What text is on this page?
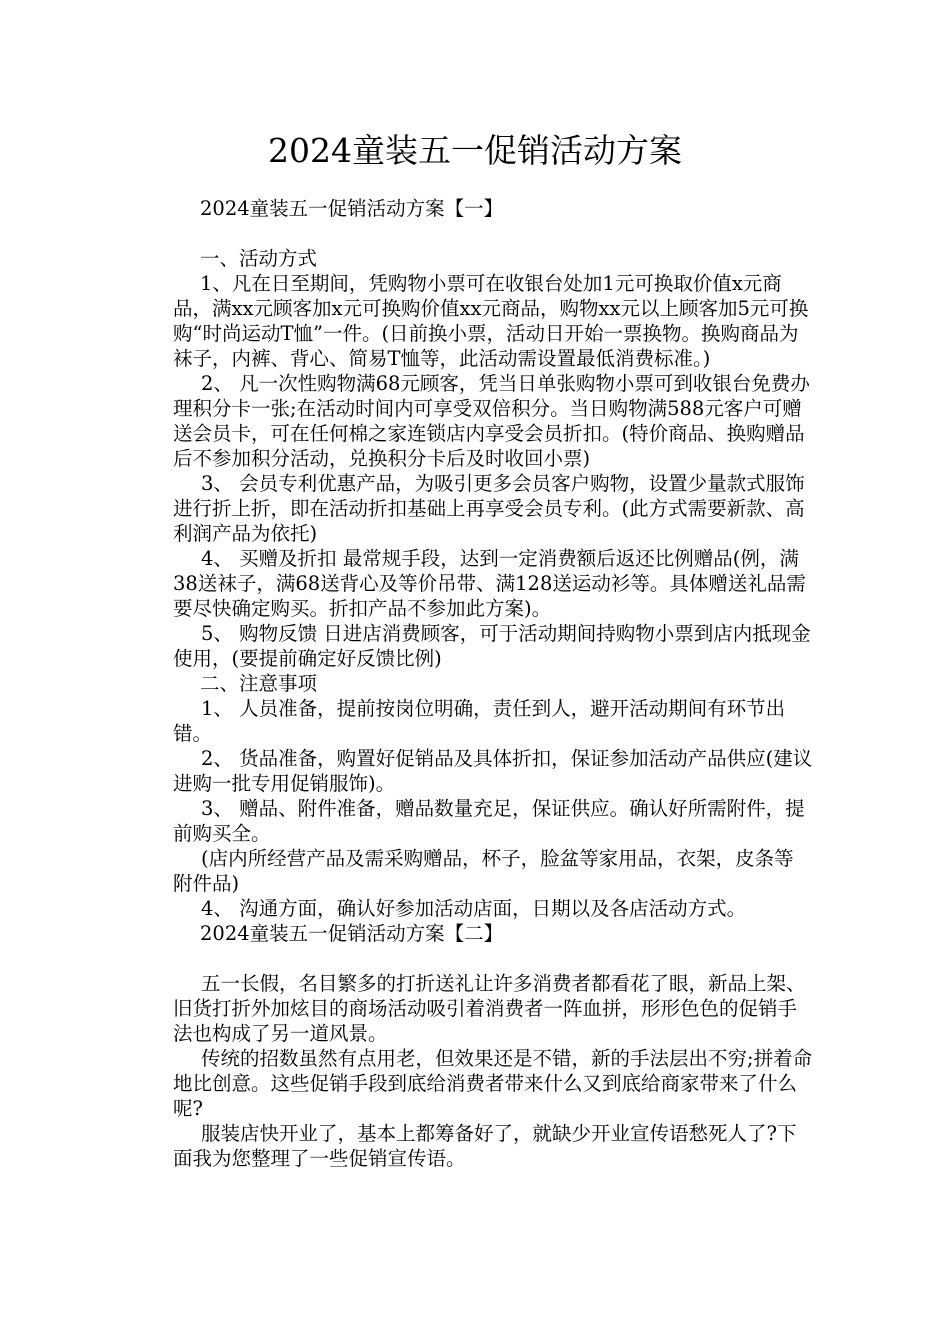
2024童装五一促销活动方案

2024童装五一促销活动方案【一】

一、活动方式

1、凡在日至期间，凭购物小票可在收银台处加1元可换取价值x元商品，满xx元顾客加x元可换购价值xx元商品，购物xx元以上顾客加5元可换购“时尚运动T恤”一件。(日前换小票，活动日开始一票换物。换购商品为袜子，内裤、背心、简易T恤等，此活动需设置最低消费标准。)

2、 凡一次性购物满68元顾客，凭当日单张购物小票可到收银台免费办理积分卡一张;在活动时间内可享受双倍积分。当日购物满588元客户可赠送会员卡，可在任何棉之家连锁店内享受会员折扣。(特价商品、换购赠品后不参加积分活动，兑换积分卡后及时收回小票)

3、 会员专利优惠产品，为吸引更多会员客户购物，设置少量款式服饰进行折上折，即在活动折扣基础上再享受会员专利。(此方式需要新款、高利润产品为依托)

4、 买赠及折扣 最常规手段，达到一定消费额后返还比例赠品(例，满38送袜子，满68送背心及等价吊带、满128送运动衫等。具体赠送礼品需要尽快确定购买。折扣产品不参加此方案)。

5、 购物反馈 日进店消费顾客，可于活动期间持购物小票到店内抵现金使用，(要提前确定好反馈比例)

二、注意事项

1、 人员准备，提前按岗位明确，责任到人，避开活动期间有环节出错。

2、 货品准备，购置好促销品及具体折扣，保证参加活动产品供应(建议进购一批专用促销服饰)。

3、 赠品、附件准备，赠品数量充足，保证供应。确认好所需附件，提前购买全。

(店内所经营产品及需采购赠品，杯子，脸盆等家用品，衣架，皮条等附件品)

4、 沟通方面，确认好参加活动店面，日期以及各店活动方式。

2024童装五一促销活动方案【二】

五一长假，名目繁多的打折送礼让许多消费者都看花了眼，新品上架、旧货打折外加炫目的商场活动吸引着消费者一阵血拼，形形色色的促销手法也构成了另一道风景。

传统的招数虽然有点用老，但效果还是不错，新的手法层出不穷;拼着命地比创意。这些促销手段到底给消费者带来什么又到底给商家带来了什么呢?

服装店快开业了，基本上都筹备好了，就缺少开业宣传语愁死人了?下面我为您整理了一些促销宣传语。
